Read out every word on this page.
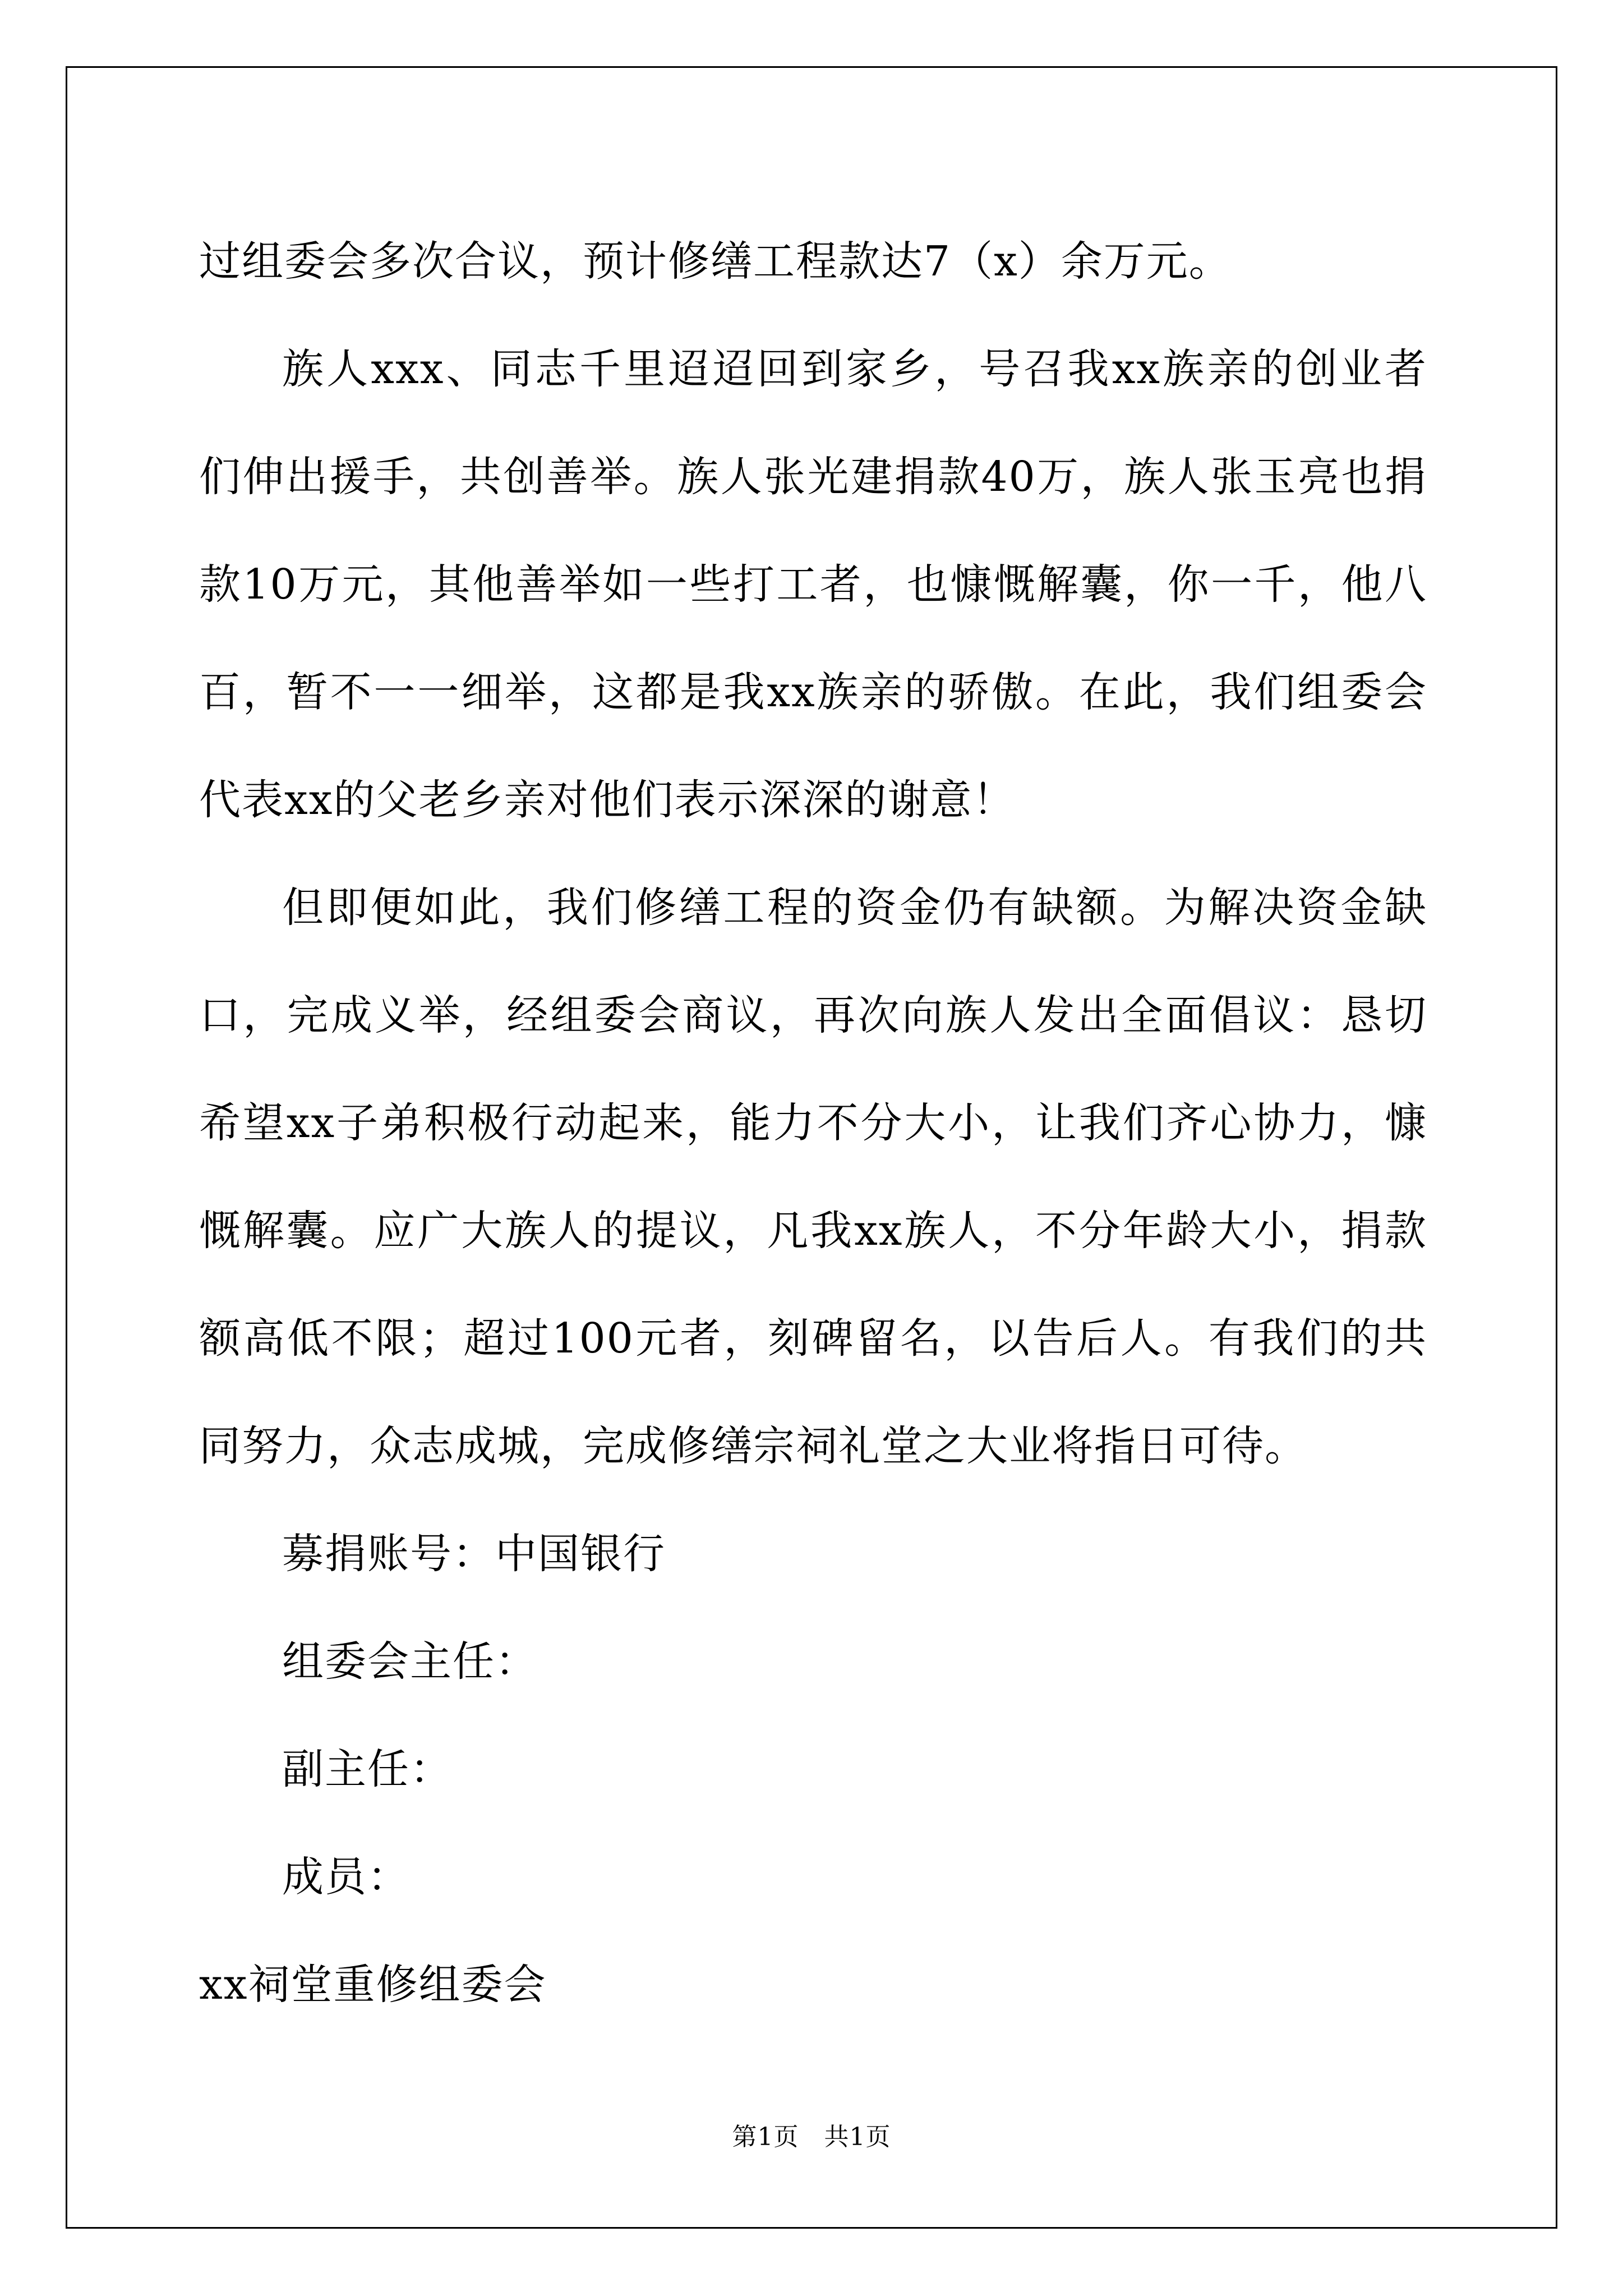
过组委会多次合议，预计修缮工程款达7（x）余万元。

族人xxx、同志千里迢迢回到家乡，号召我xx族亲的创业者们伸出援手，共创善举。族人张光建捐款40万，族人张玉亮也捐款10万元，其他善举如一些打工者，也慷慨解囊，你一千，他八百，暂不一一细举，这都是我xx族亲的骄傲。在此，我们组委会代表xx的父老乡亲对他们表示深深的谢意！

但即便如此，我们修缮工程的资金仍有缺额。为解决资金缺口，完成义举，经组委会商议，再次向族人发出全面倡议：恳切希望xx子弟积极行动起来，能力不分大小，让我们齐心协力，慷慨解囊。应广大族人的提议，凡我xx族人，不分年龄大小，捐款额高低不限；超过100元者，刻碑留名，以告后人。有我们的共同努力，众志成城，完成修缮宗祠礼堂之大业将指日可待。

募捐账号：中国银行

组委会主任：

副主任：

成员：

xx祠堂重修组委会

第1页　共1页
